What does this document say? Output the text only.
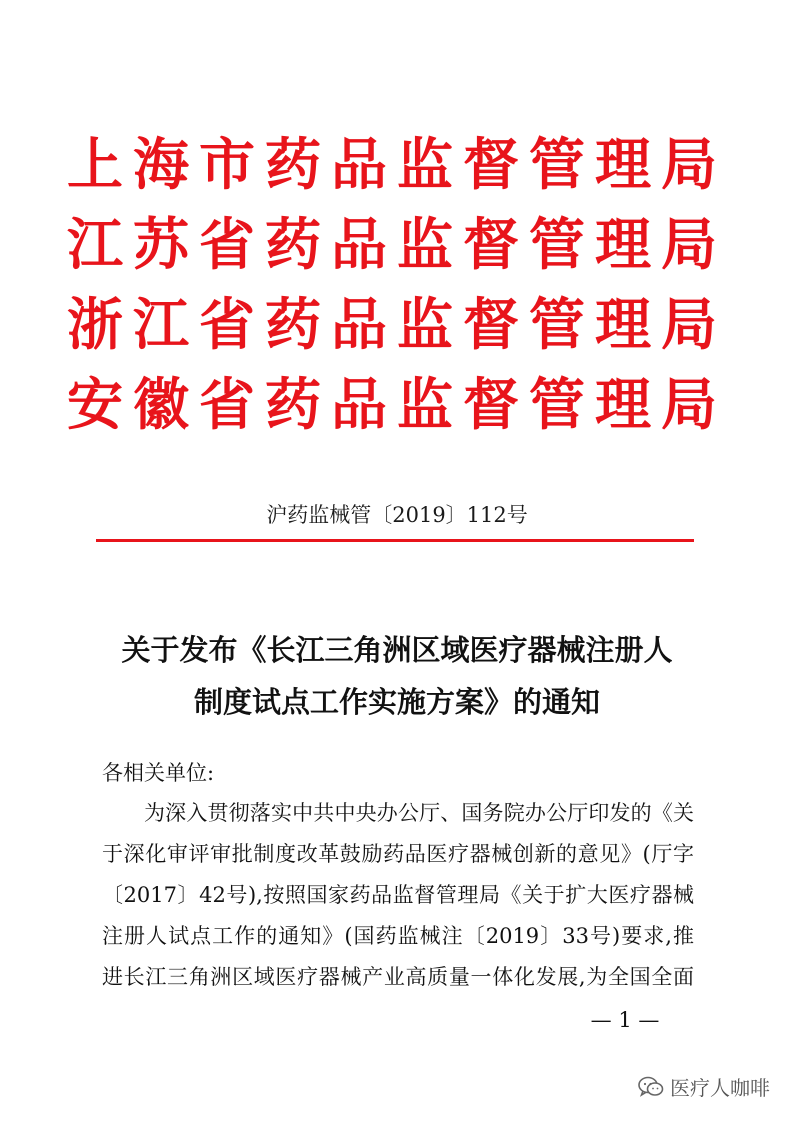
上海市药品监督管理局
江苏省药品监督管理局
浙江省药品监督管理局
安徽省药品监督管理局
沪药监械管〔2019〕112号
关于发布《长江三角洲区域医疗器械注册人
制度试点工作实施方案》的通知
各相关单位:
为深入贯彻落实中共中央办公厅、国务院办公厅印发的《关
于深化审评审批制度改革鼓励药品医疗器械创新的意见》(厅字
〔2017〕42号),按照国家药品监督管理局《关于扩大医疗器械
注册人试点工作的通知》(国药监械注〔2019〕33号)要求,推
进长江三角洲区域医疗器械产业高质量一体化发展,为全国全面
— 1 —
医疗人咖啡
